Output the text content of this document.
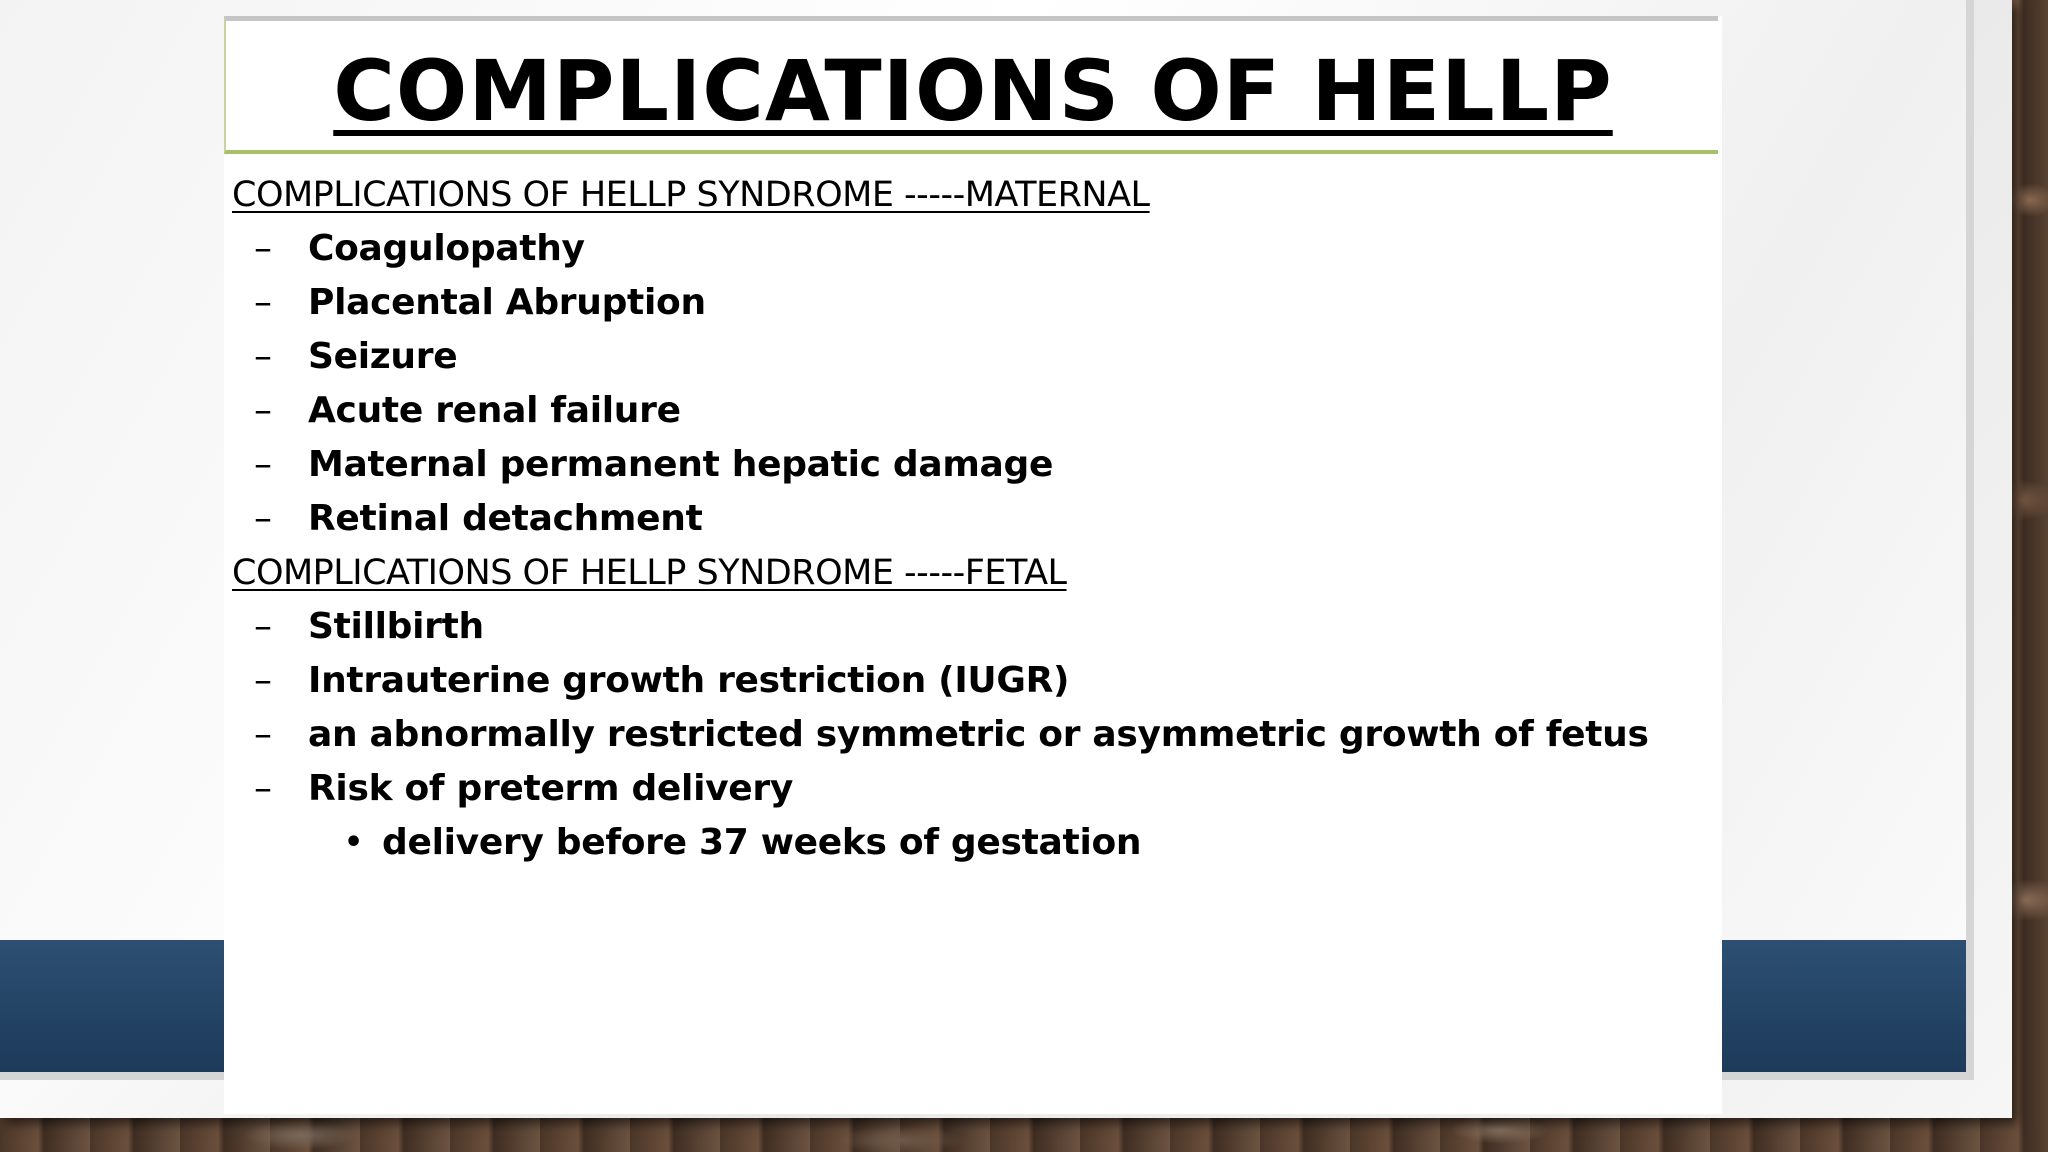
COMPLICATIONS OF HELLP
COMPLICATIONS OF HELLP SYNDROME -----MATERNAL
–	Coagulopathy
–	Placental Abruption
–	Seizure
–	Acute renal failure
–	Maternal permanent hepatic damage
–	Retinal detachment
COMPLICATIONS OF HELLP SYNDROME -----FETAL
–	Stillbirth
–	Intrauterine growth restriction (IUGR)
–	an abnormally restricted symmetric or asymmetric growth of fetus
–	Risk of preterm delivery
• delivery before 37 weeks of gestation
